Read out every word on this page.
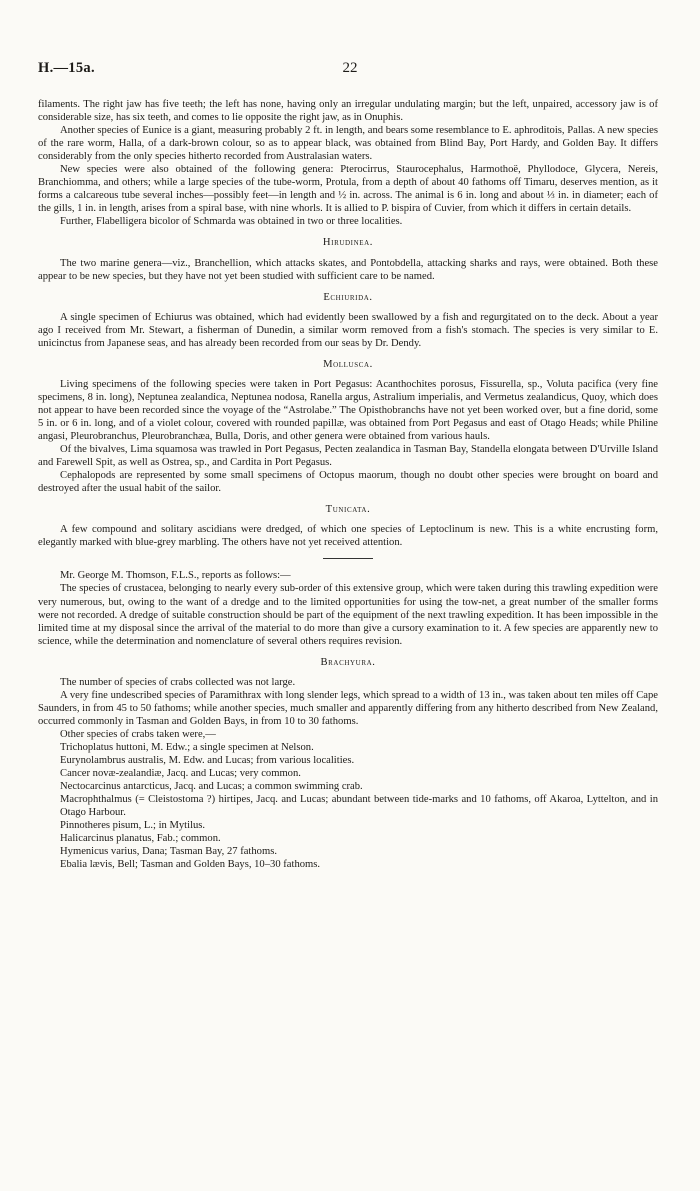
H.—15a.	22

filaments. The right jaw has five teeth; the left has none, having only an irregular undulating margin; but the left, unpaired, accessory jaw is of considerable size, has six teeth, and comes to lie opposite the right jaw, as in Onuphis.

Another species of Eunice is a giant, measuring probably 2 ft. in length, and bears some resemblance to E. aphroditois, Pallas. A new species of the rare worm, Halla, of a dark-brown colour, so as to appear black, was obtained from Blind Bay, Port Hardy, and Golden Bay. It differs considerably from the only species hitherto recorded from Australasian waters.

New species were also obtained of the following genera: Pterocirrus, Staurocephalus, Harmothoë, Phyllodoce, Glycera, Nereis, Branchiomma, and others; while a large species of the tube-worm, Protula, from a depth of about 40 fathoms off Timaru, deserves mention, as it forms a calcareous tube several inches—possibly feet—in length and ½ in. across. The animal is 6 in. long and about ⅓ in. in diameter; each of the gills, 1 in. in length, arises from a spiral base, with nine whorls. It is allied to P. bispira of Cuvier, from which it differs in certain details.

Further, Flabelligera bicolor of Schmarda was obtained in two or three localities.

Hirudinea.

The two marine genera—viz., Branchellion, which attacks skates, and Pontobdella, attacking sharks and rays, were obtained. Both these appear to be new species, but they have not yet been studied with sufficient care to be named.

Echiurida.

A single specimen of Echiurus was obtained, which had evidently been swallowed by a fish and regurgitated on to the deck. About a year ago I received from Mr. Stewart, a fisherman of Dunedin, a similar worm removed from a fish's stomach. The species is very similar to E. unicinctus from Japanese seas, and has already been recorded from our seas by Dr. Dendy.

Mollusca.

Living specimens of the following species were taken in Port Pegasus: Acanthochites porosus, Fissurella, sp., Voluta pacifica (very fine specimens, 8 in. long), Neptunea zealandica, Neptunea nodosa, Ranella argus, Astralium imperialis, and Vermetus zealandicus, Quoy, which does not appear to have been recorded since the voyage of the “Astrolabe.” The Opisthobranchs have not yet been worked over, but a fine dorid, some 5 in. or 6 in. long, and of a violet colour, covered with rounded papillæ, was obtained from Port Pegasus and east of Otago Heads; while Philine angasi, Pleurobranchus, Pleurobranchæa, Bulla, Doris, and other genera were obtained from various hauls.

Of the bivalves, Lima squamosa was trawled in Port Pegasus, Pecten zealandica in Tasman Bay, Standella elongata between D'Urville Island and Farewell Spit, as well as Ostrea, sp., and Cardita in Port Pegasus.

Cephalopods are represented by some small specimens of Octopus maorum, though no doubt other species were brought on board and destroyed after the usual habit of the sailor.

Tunicata.

A few compound and solitary ascidians were dredged, of which one species of Leptoclinum is new. This is a white encrusting form, elegantly marked with blue-grey marbling. The others have not yet received attention.

Mr. George M. Thomson, F.L.S., reports as follows:—

The species of crustacea, belonging to nearly every sub-order of this extensive group, which were taken during this trawling expedition were very numerous, but, owing to the want of a dredge and to the limited opportunities for using the tow-net, a great number of the smaller forms were not recorded. A dredge of suitable construction should be part of the equipment of the next trawling expedition. It has been impossible in the limited time at my disposal since the arrival of the material to do more than give a cursory examination to it. A few species are apparently new to science, while the determination and nomenclature of several others requires revision.

Brachyura.

The number of species of crabs collected was not large.

A very fine undescribed species of Paramithrax with long slender legs, which spread to a width of 13 in., was taken about ten miles off Cape Saunders, in from 45 to 50 fathoms; while another species, much smaller and apparently differing from any hitherto described from New Zealand, occurred commonly in Tasman and Golden Bays, in from 10 to 30 fathoms.

Other species of crabs taken were,—

Trichoplatus huttoni, M. Edw.; a single specimen at Nelson.

Eurynolambrus australis, M. Edw. and Lucas; from various localities.

Cancer novæ-zealandiæ, Jacq. and Lucas; very common.

Nectocarcinus antarcticus, Jacq. and Lucas; a common swimming crab.

Macrophthalmus (= Cleistostoma ?) hirtipes, Jacq. and Lucas; abundant between tide-marks and 10 fathoms, off Akaroa, Lyttelton, and in Otago Harbour.

Pinnotheres pisum, L.; in Mytilus.

Halicarcinus planatus, Fab.; common.

Hymenicus varius, Dana; Tasman Bay, 27 fathoms.

Ebalia lævis, Bell; Tasman and Golden Bays, 10–30 fathoms.
